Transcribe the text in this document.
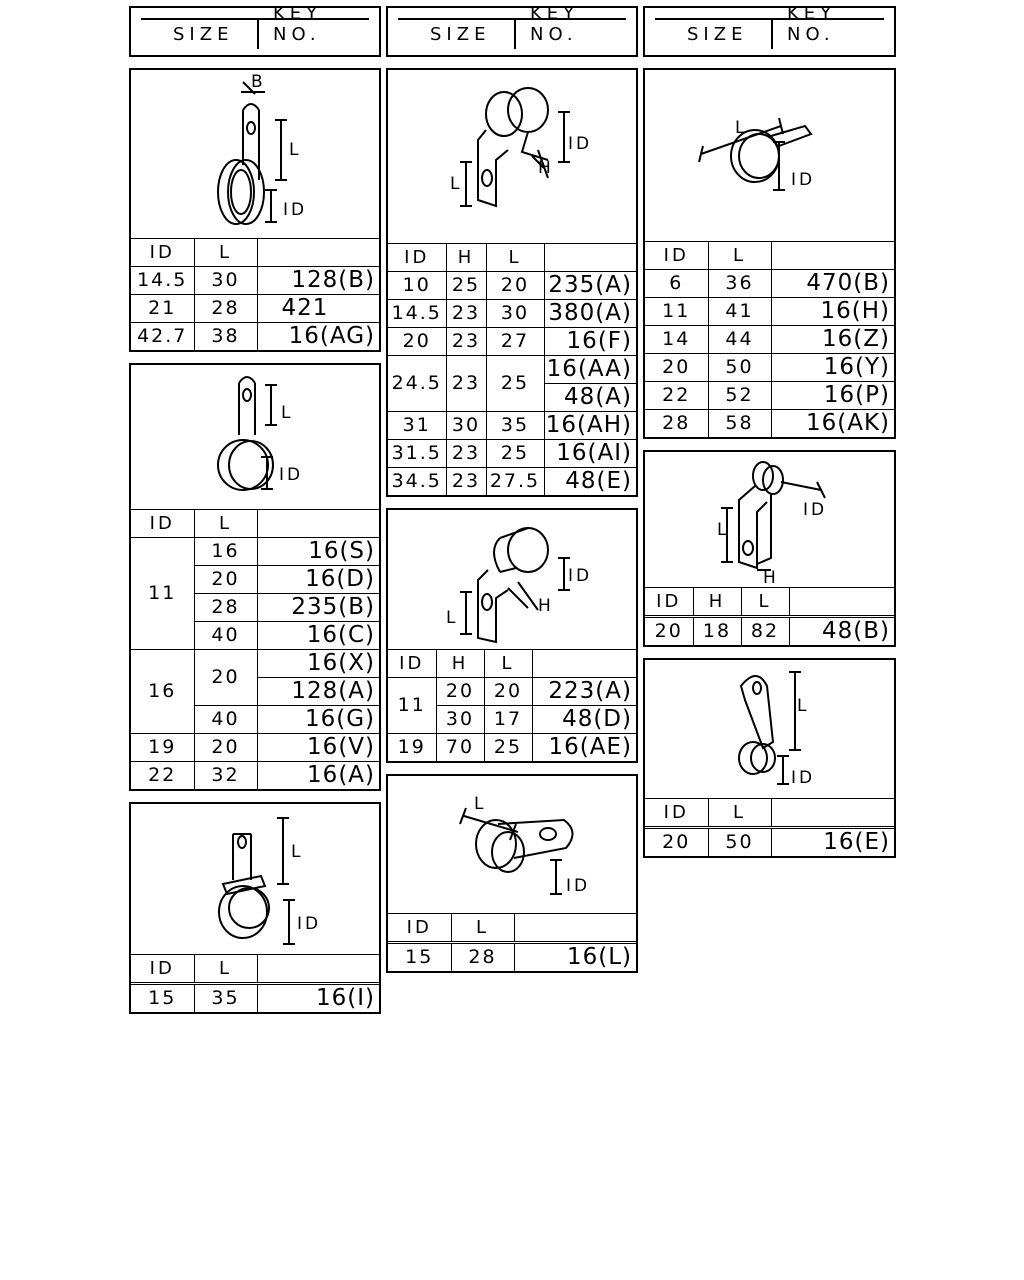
SIZE
KEY NO.	SIZE
KEY NO.	SIZE
KEY NO.
B
L
ID
ID	L	
14.5	30	128(B)
21	28	421
42.7	38	16(AG)
L
ID
ID	L	
11	16	16(S)
	20	16(D)
	28	235(B)
	40	16(C)
16	20	16(X)
		128(A)
	40	16(G)
19	20	16(V)
22	32	16(A)
L
ID
ID	L	
15	35	16(I)
ID
H
L
ID	H	L	
10	25	20	235(A)
14.5	23	30	380(A)
20	23	27	16(F)
24.5	23	25	16(AA)
			48(A)
31	30	35	16(AH)
31.5	23	25	16(AI)
34.5	23	27.5	48(E)
ID
H
L
ID	H	L	
11	20	20	223(A)
	30	17	48(D)
19	70	25	16(AE)
L
ID
ID	L	
15	28	16(L)
L
ID
ID	L	
6	36	470(B)
11	41	16(H)
14	44	16(Z)
20	50	16(Y)
22	52	16(P)
28	58	16(AK)
ID
L
H
ID	H	L	
20	18	82	48(B)
L
ID
ID	L	
20	50	16(E)
